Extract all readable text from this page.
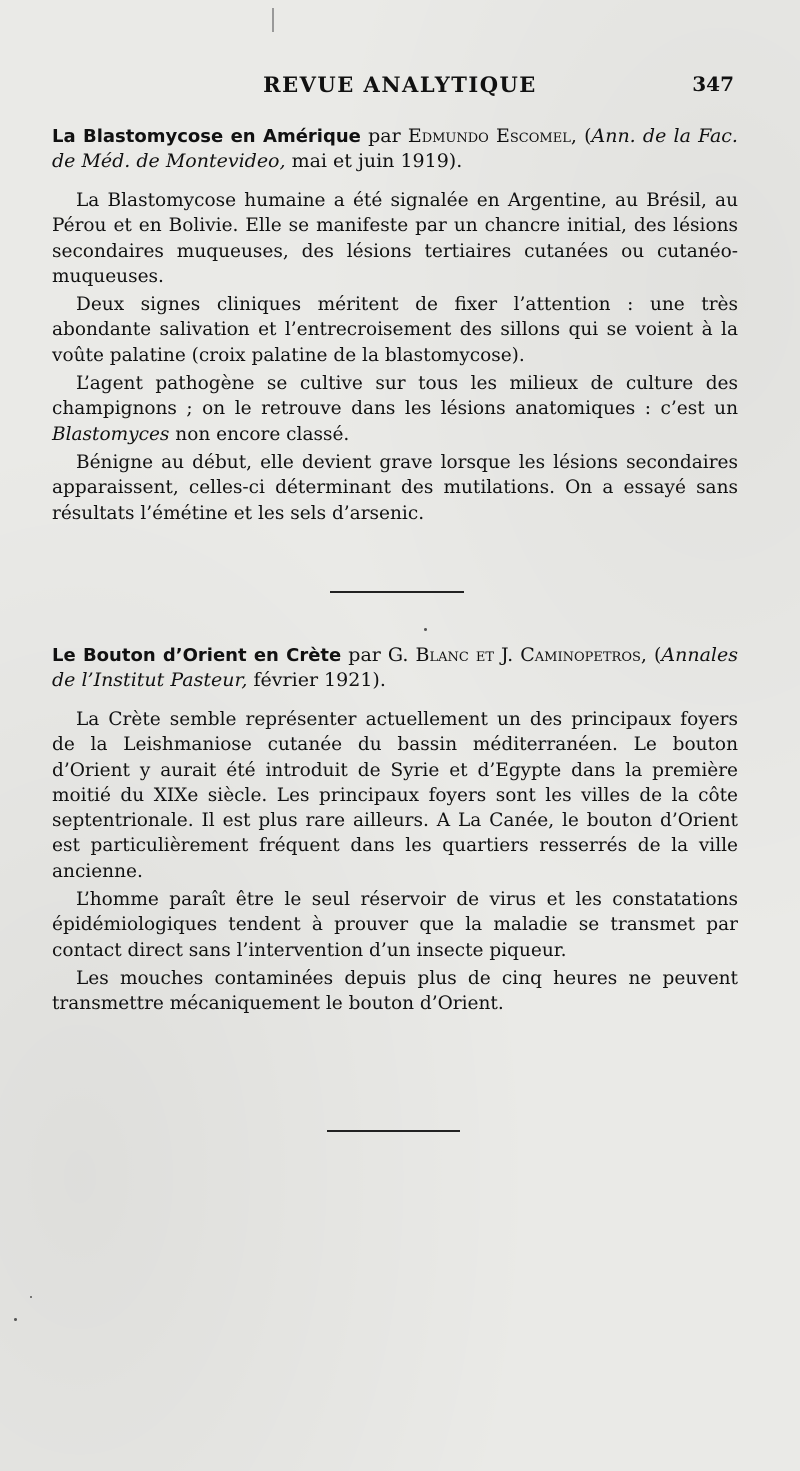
REVUE ANALYTIQUE	347

La Blastomycose en Amérique par Edmundo Escomel, (Ann. de la Fac. de Méd. de Montevideo, mai et juin 1919).

La Blastomycose humaine a été signalée en Argentine, au Brésil, au Pérou et en Bolivie. Elle se manifeste par un chancre initial, des lésions secondaires muqueuses, des lésions tertiaires cutanées ou cutanéo-muqueuses.

Deux signes cliniques méritent de fixer l’attention : une très abondante salivation et l’entrecroisement des sillons qui se voient à la voûte palatine (croix palatine de la blastomycose).

L’agent pathogène se cultive sur tous les milieux de culture des champignons ; on le retrouve dans les lésions anatomiques : c’est un Blastomyces non encore classé.

Bénigne au début, elle devient grave lorsque les lésions secondaires apparaissent, celles-ci déterminant des mutilations. On a essayé sans résultats l’émétine et les sels d’arsenic.

Le Bouton d’Orient en Crète par G. Blanc et J. Caminopetros, (Annales de l’Institut Pasteur, février 1921).

La Crète semble représenter actuellement un des principaux foyers de la Leishmaniose cutanée du bassin méditerranéen. Le bouton d’Orient y aurait été introduit de Syrie et d’Egypte dans la première moitié du XIXe siècle. Les principaux foyers sont les villes de la côte septentrionale. Il est plus rare ailleurs. A La Canée, le bouton d’Orient est particulièrement fréquent dans les quartiers resserrés de la ville ancienne.

L’homme paraît être le seul réservoir de virus et les constatations épidémiologiques tendent à prouver que la maladie se transmet par contact direct sans l’intervention d’un insecte piqueur.

Les mouches contaminées depuis plus de cinq heures ne peuvent transmettre mécaniquement le bouton d’Orient.
